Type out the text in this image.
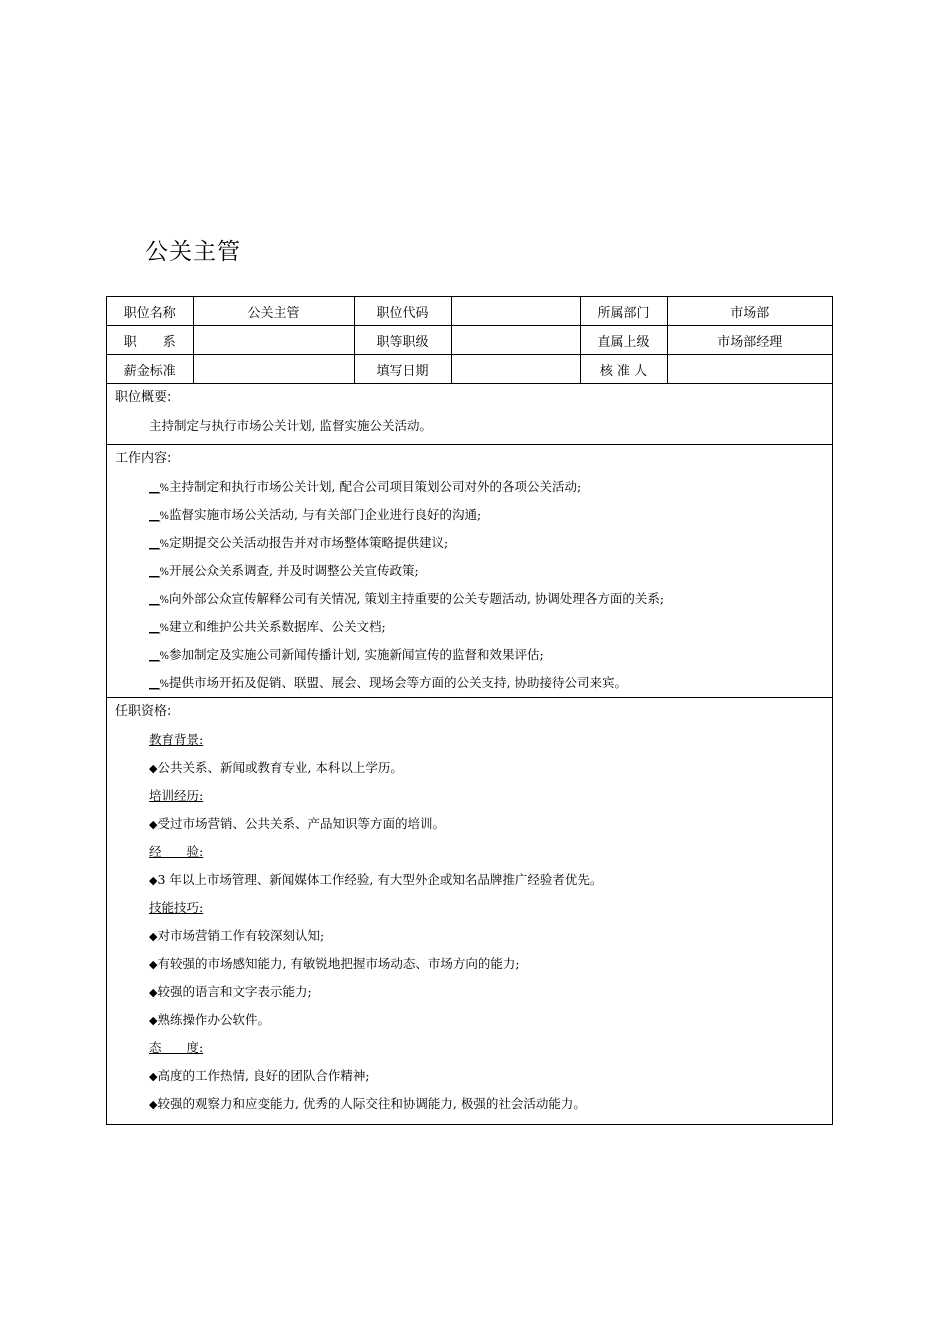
公关主管
职位名称	公关主管	职位代码		所属部门	市场部
职　　系		职等职级		直属上级	市场部经理
薪金标准		填写日期		核 准 人	
职位概要:
主持制定与执行市场公关计划, 监督实施公关活动。
工作内容:
__%主持制定和执行市场公关计划, 配合公司项目策划公司对外的各项公关活动;
__%监督实施市场公关活动, 与有关部门企业进行良好的沟通;
__%定期提交公关活动报告并对市场整体策略提供建议;
__%开展公众关系调查, 并及时调整公关宣传政策;
__%向外部公众宣传解释公司有关情况, 策划主持重要的公关专题活动, 协调处理各方面的关系;
__%建立和维护公共关系数据库、公关文档;
__%参加制定及实施公司新闻传播计划, 实施新闻宣传的监督和效果评估;
__%提供市场开拓及促销、联盟、展会、现场会等方面的公关支持, 协助接待公司来宾。
任职资格:
教育背景:
◆公共关系、新闻或教育专业, 本科以上学历。
培训经历:
◆受过市场营销、公共关系、产品知识等方面的培训。
经　　验:
◆3 年以上市场管理、新闻媒体工作经验, 有大型外企或知名品牌推广经验者优先。
技能技巧:
◆对市场营销工作有较深刻认知;
◆有较强的市场感知能力, 有敏锐地把握市场动态、市场方向的能力;
◆较强的语言和文字表示能力;
◆熟练操作办公软件。
态　　度:
◆高度的工作热情, 良好的团队合作精神;
◆较强的观察力和应变能力, 优秀的人际交往和协调能力, 极强的社会活动能力。
